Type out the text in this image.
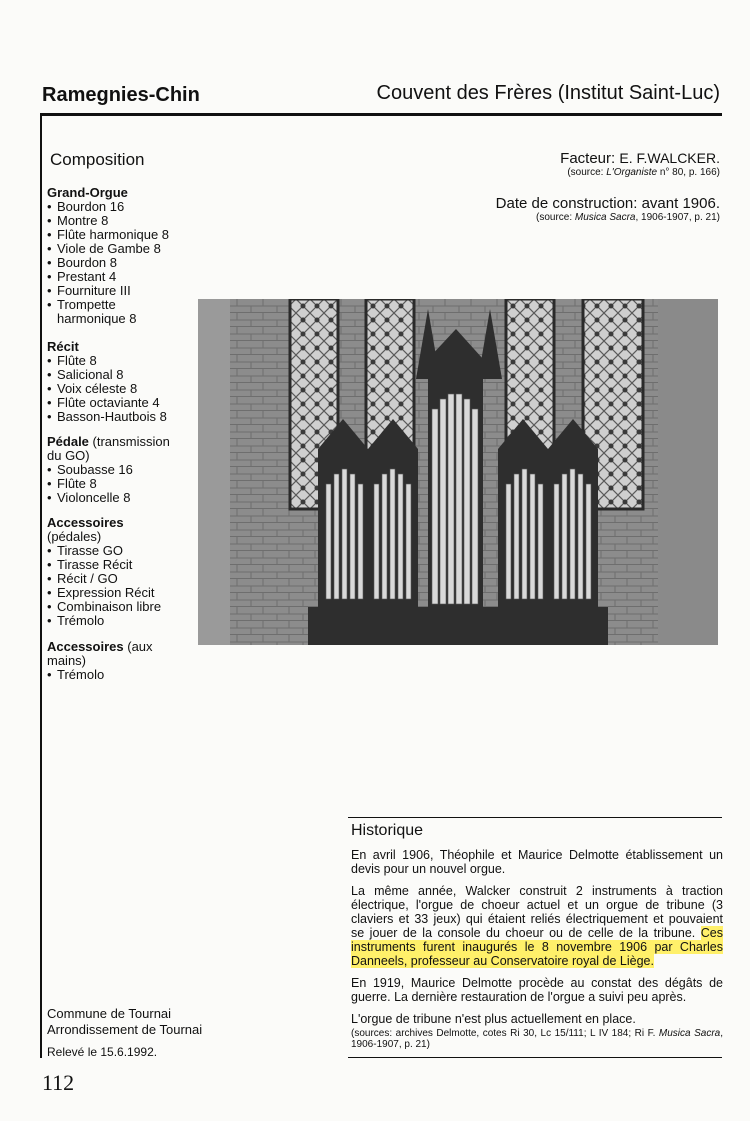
Ramegnies-Chin	Couvent des Frères (Institut Saint-Luc)
Composition
Grand-Orgue
• Bourdon 16
• Montre 8
• Flûte harmonique 8
• Viole de Gambe 8
• Bourdon 8
• Prestant 4
• Fourniture III
• Trompette harmonique 8
Récit
• Flûte 8
• Salicional 8
• Voix céleste 8
• Flûte octaviante 4
• Basson-Hautbois 8
Pédale (transmission du GO)
• Soubasse 16
• Flûte 8
• Violoncelle 8
Accessoires (pédales)
• Tirasse GO
• Tirasse Récit
• Récit / GO
• Expression Récit
• Combinaison libre
• Trémolo
Accessoires (aux mains)
• Trémolo
Facteur: E. F.WALCKER.
(source: L'Organiste n° 80, p. 166)
Date de construction: avant 1906.
(source: Musica Sacra, 1906-1907, p. 21)
Historique

En avril 1906, Théophile et Maurice Delmotte établissement un devis pour un nouvel orgue.

La même année, Walcker construit 2 instruments à traction électrique, l'orgue de choeur actuel et un orgue de tribune (3 claviers et 33 jeux) qui étaient reliés électriquement et pouvaient se jouer de la console du choeur ou de celle de la tribune. Ces instruments furent inaugurés le 8 novembre 1906 par Charles Danneels, professeur au Conservatoire royal de Liège.

En 1919, Maurice Delmotte procède au constat des dégâts de guerre. La dernière restauration de l'orgue a suivi peu après.

L'orgue de tribune n'est plus actuellement en place.

(sources: archives Delmotte, cotes Ri 30, Lc 15/111; L IV 184; Ri F. Musica Sacra, 1906-1907, p. 21)

Commune de Tournai
Arrondissement de Tournai
Relevé le 15.6.1992.
112
